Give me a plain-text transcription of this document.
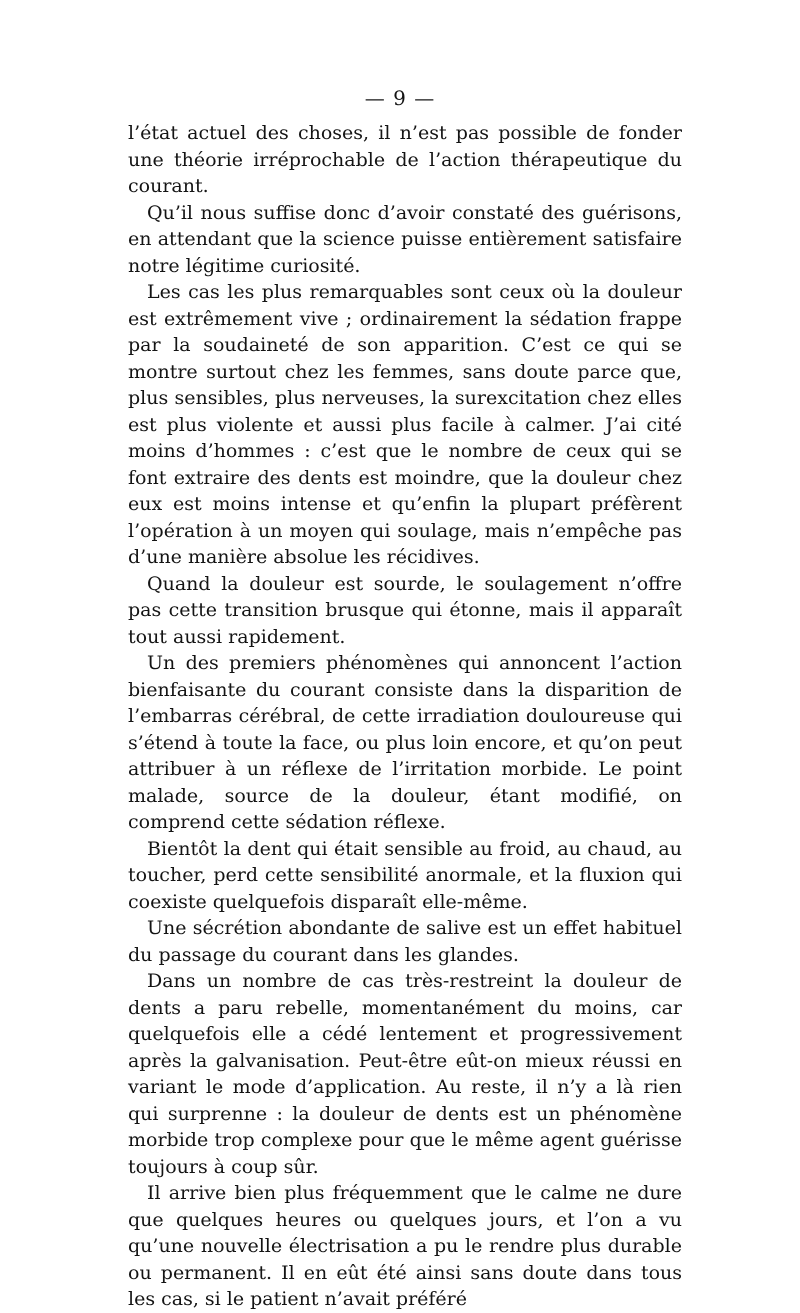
— 9 —

l’état actuel des choses, il n’est pas possible de fonder une théorie irréprochable de l’action thérapeutique du courant.

Qu’il nous suffise donc d’avoir constaté des guérisons, en attendant que la science puisse entièrement satisfaire notre légitime curiosité.

Les cas les plus remarquables sont ceux où la douleur est extrêmement vive ; ordinairement la sédation frappe par la soudaineté de son apparition. C’est ce qui se montre surtout chez les femmes, sans doute parce que, plus sensibles, plus nerveuses, la surexcitation chez elles est plus violente et aussi plus facile à calmer. J’ai cité moins d’hommes : c’est que le nombre de ceux qui se font extraire des dents est moindre, que la douleur chez eux est moins intense et qu’enfin la plupart préfèrent l’opération à un moyen qui soulage, mais n’empêche pas d’une manière absolue les récidives.

Quand la douleur est sourde, le soulagement n’offre pas cette transition brusque qui étonne, mais il apparaît tout aussi rapidement.

Un des premiers phénomènes qui annoncent l’action bienfaisante du courant consiste dans la disparition de l’embarras cérébral, de cette irradiation douloureuse qui s’étend à toute la face, ou plus loin encore, et qu’on peut attribuer à un réflexe de l’irritation morbide. Le point malade, source de la douleur, étant modifié, on comprend cette sédation réflexe.

Bientôt la dent qui était sensible au froid, au chaud, au toucher, perd cette sensibilité anormale, et la fluxion qui coexiste quelquefois disparaît elle-même.

Une sécrétion abondante de salive est un effet habituel du passage du courant dans les glandes.

Dans un nombre de cas très-restreint la douleur de dents a paru rebelle, momentanément du moins, car quelquefois elle a cédé lentement et progressivement après la galvanisation. Peut-être eût-on mieux réussi en variant le mode d’application. Au reste, il n’y a là rien qui surprenne : la douleur de dents est un phénomène morbide trop complexe pour que le même agent guérisse toujours à coup sûr.

Il arrive bien plus fréquemment que le calme ne dure que quelques heures ou quelques jours, et l’on a vu qu’une nouvelle électrisation a pu le rendre plus durable ou permanent. Il en eût été ainsi sans doute dans tous les cas, si le patient n’avait préféré
